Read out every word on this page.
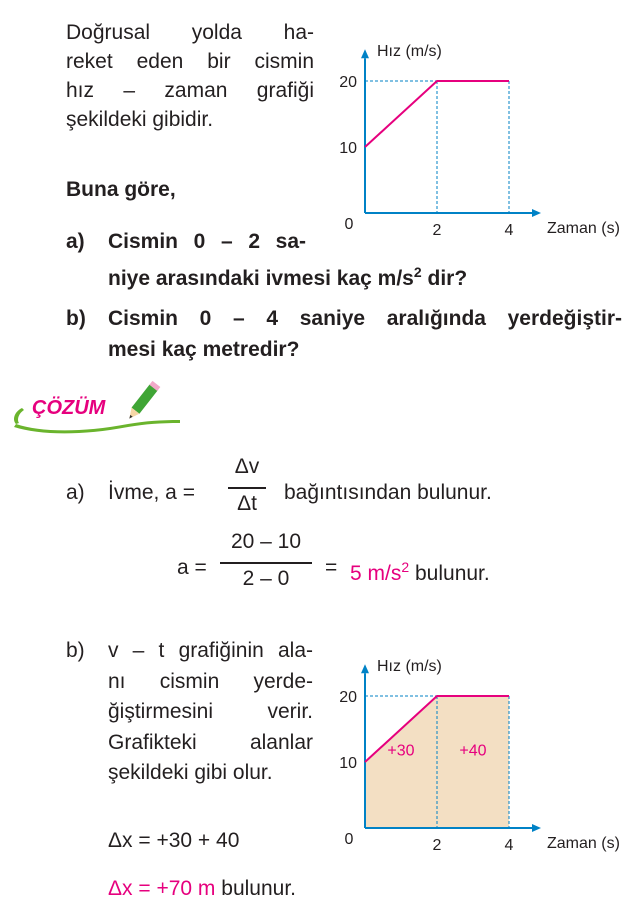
Doğrusal yolda ha-
reket eden bir cismin
hız – zaman grafiği
şekildeki gibidir.
Buna göre,
a) Cismin 0 – 2 sa-
niye arasındaki ivmesi kaç $m/s^2$ dir?
b) Cismin 0 – 4 saniye aralığında yerdeğiştir-
mesi kaç metredir?
10
20
2	4
0
Hız (m/s)
Zaman (s)
ÇÖZÜM
a) İvme, a =
Δv
Δt	bağıntısından bulunur.
a =
20 – 10
2 – 0	= 5 $m/s^2$ bulunur.
b) v – t grafiğinin ala-
nı cismin yerde-
ğiştirmesini verir.
Grafikteki alanlar
şekildeki gibi olur.
Δx = +30 + 40
Δx = +70 m bulunur.
+30	+40
10
20
2	4
0
Hız (m/s)
Zaman (s)
